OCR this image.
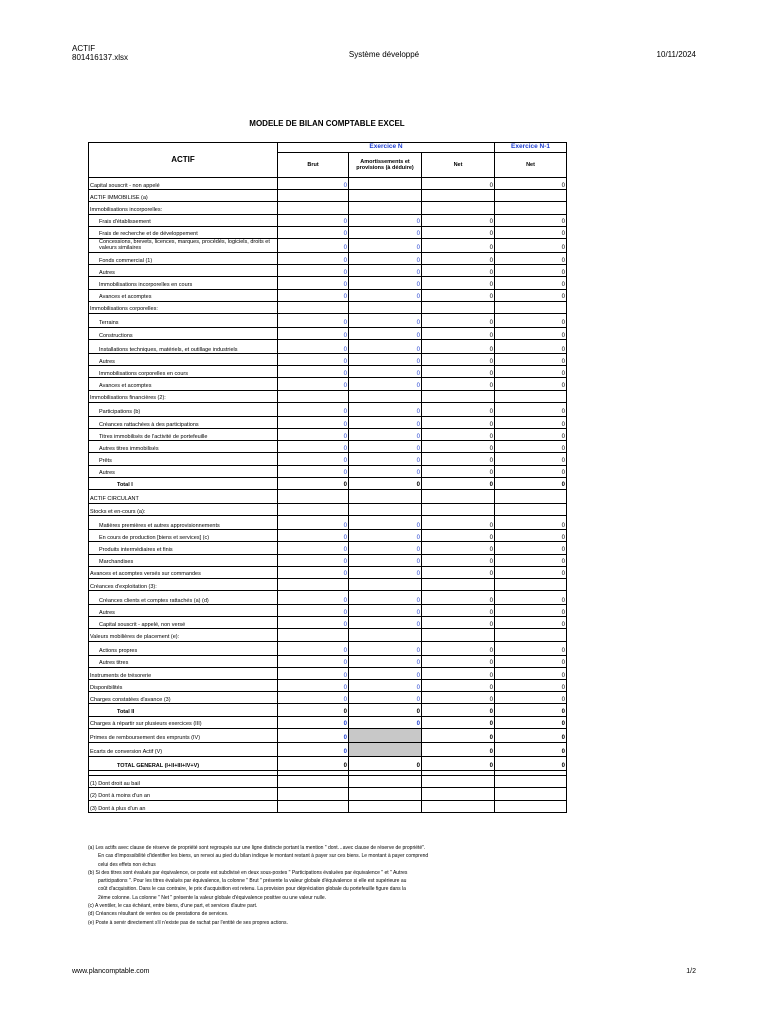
ACTIF
801416137.xlsx	Système développé	10/11/2024
MODELE DE BILAN COMPTABLE EXCEL
ACTIF	Exercice N			Exercice N-1
	Brut	Amortissements et provisions (à déduire)	Net	Net
Capital souscrit - non appelé	0		0	0
ACTIF IMMOBILISE (a)				
Immobilisations incorporelles:				
Frais d'établissement	0	0	0	0
Frais de recherche et de développement	0	0	0	0
Concessions, brevets, licences, marques, procédés, logiciels, droits et valeurs similaires	0	0	0	0
Fonds commercial (1)	0	0	0	0
Autres	0	0	0	0
Immobilisations incorporelles en cours	0	0	0	0
Avances et acomptes	0	0	0	0
Immobilisations corporelles:				
Terrains	0	0	0	0
Constructions	0	0	0	0
Installations techniques, matériels, et outillage industriels	0	0	0	0
Autres	0	0	0	0
Immobilisations corporelles en cours	0	0	0	0
Avances et acomptes	0	0	0	0
Immobilisations financières (2):				
Participations (b)	0	0	0	0
Créances rattachées à des participations	0	0	0	0
Titres immobilisés de l'activité de portefeuille	0	0	0	0
Autres titres immobilisés	0	0	0	0
Prêts	0	0	0	0
Autres	0	0	0	0
Total I	0	0	0	0
ACTIF CIRCULANT				
Stocks et en-cours (a):				
Matières premières et autres approvisionnements	0	0	0	0
En cours de production [biens et services] (c)	0	0	0	0
Produits intermédiaires et finis	0	0	0	0
Marchandises	0	0	0	0
Avances et acomptes versés sur commandes	0	0	0	0
Créances d'exploitation (3):				
Créances clients et comptes rattachés (a) (d)	0	0	0	0
Autres	0	0	0	0
Capital souscrit - appelé, non versé	0	0	0	0
Valeurs mobilières de placement (e):				
Actions propres	0	0	0	0
Autres titres	0	0	0	0
Instruments de trésorerie	0	0	0	0
Disponibilités	0	0	0	0
Charges constatées d'avance (3)	0	0	0	0
Total II	0	0	0	0
Charges à répartir sur plusieurs exercices (III)	0	0	0	0
Primes de remboursement des emprunts (IV)	0		0	0
Ecarts de conversion Actif (V)	0		0	0
TOTAL GENERAL (I+II+III+IV+V)	0	0	0	0

(1) Dont droit au bail				
(2) Dont à moins d'un an				
(3) Dont à plus d'un an				

(a) Les actifs avec clause de réserve de propriété sont regroupés sur une ligne distincte portant la mention " dont…avec clause de réserve de propriété".

En cas d'impossibilité d'identifier les biens, un renvoi au pied du bilan indique le montant restant à payer sur ces biens. Le montant à payer comprend

celui des effets non échus

(b) Si des titres sont évalués par équivalence, ce poste est subdivisé en deux sous-postes " Participations évaluées par équivalence " et " Autres

participations ". Pour les titres évalués par équivalence, la colonne " Brut " présente la valeur globale d'équivalence si elle est supérieure au

coût d'acquisition. Dans le cas contraire, le prix d'acquisition est retenu. La provision pour dépréciation globale du portefeuille figure dans la

2ème colonne. La colonne " Net " présente la valeur globale d'équivalence positive ou une valeur nulle.

(c) A ventiler, le cas échéant, entre biens, d'une part, et services d'autre part.

(d) Créances résultant de ventes ou de prestations de services.

(e) Poste à servir directement s'il n'existe pas de rachat par l'entité de ses propres actions.

www.plancomptable.com	1/2
